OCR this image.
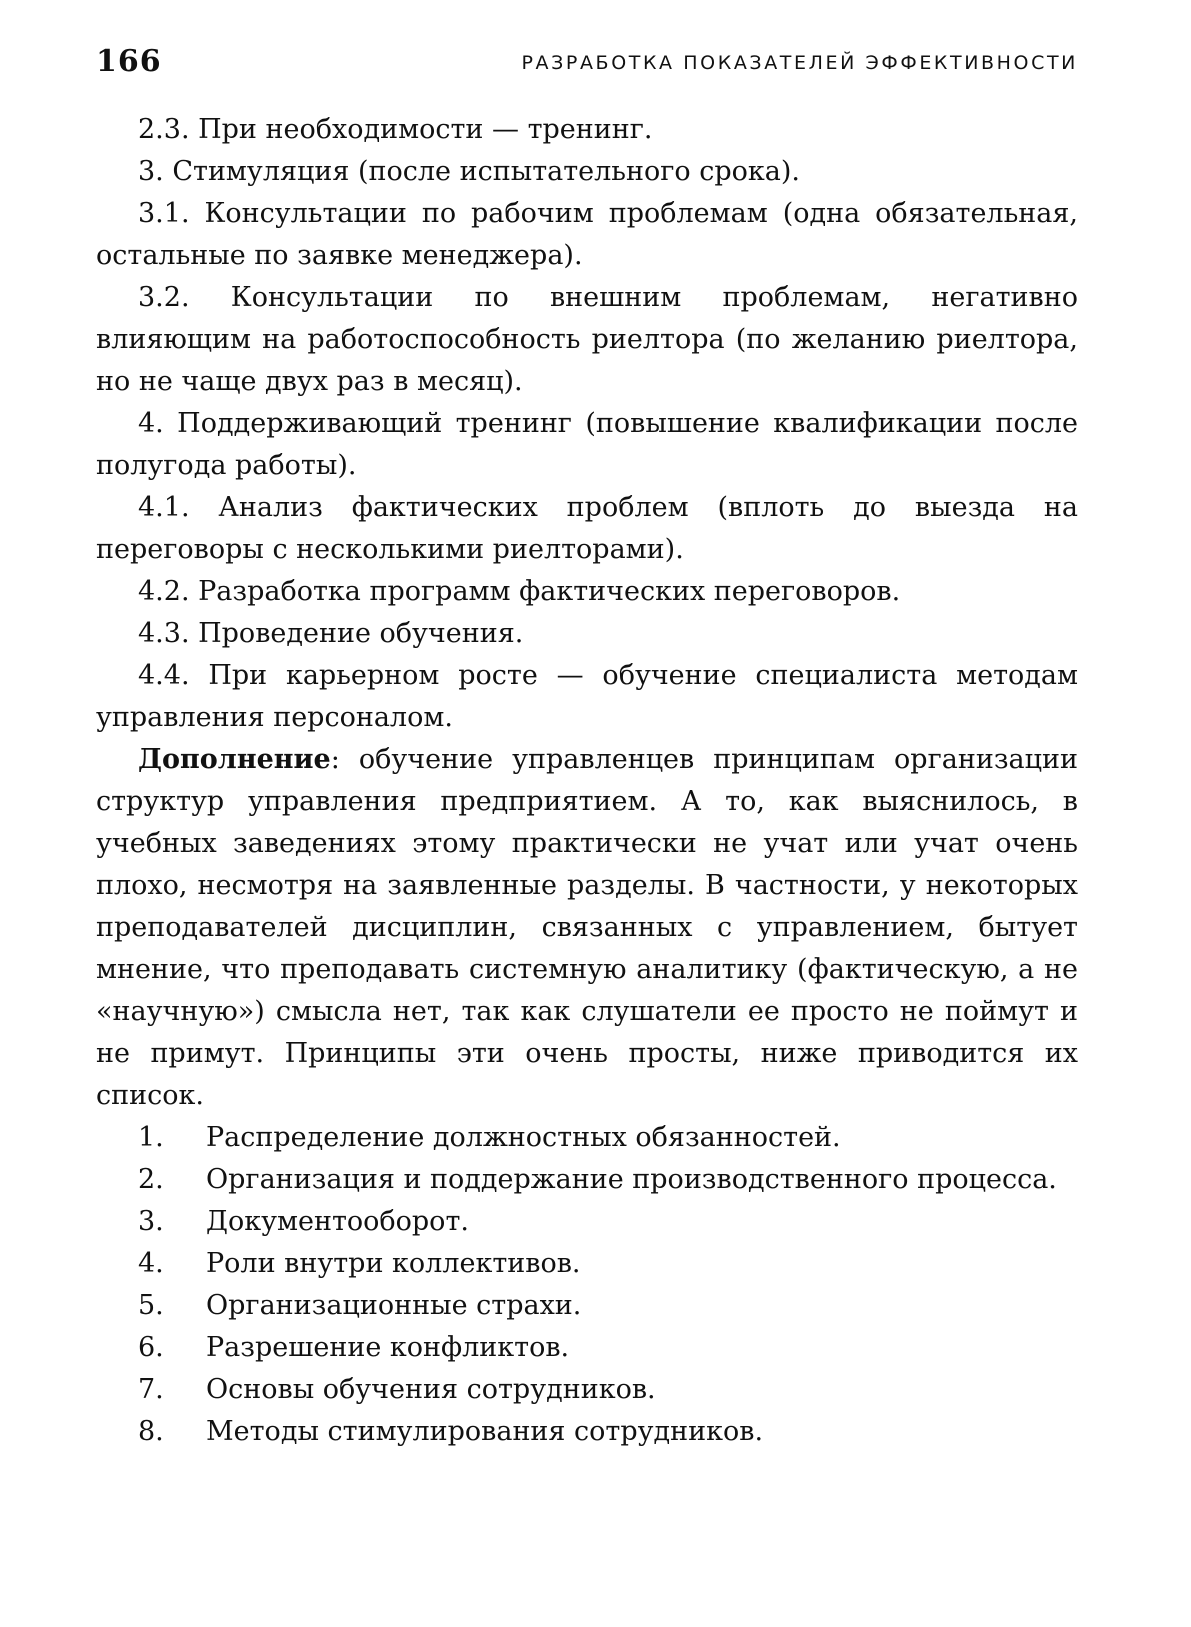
166	РАЗРАБОТКА ПОКАЗАТЕЛЕЙ ЭФФЕКТИВНОСТИ

2.3. При необходимости — тренинг.

3. Стимуляция (после испытательного срока).

3.1. Консультации по рабочим проблемам (одна обязательная, остальные по заявке менеджера).

3.2. Консультации по внешним проблемам, негативно влияющим на работоспособность риелтора (по желанию риелтора, но не чаще двух раз в месяц).

4. Поддерживающий тренинг (повышение квалификации после полугода работы).

4.1. Анализ фактических проблем (вплоть до выезда на переговоры с несколькими риелторами).

4.2. Разработка программ фактических переговоров.

4.3. Проведение обучения.

4.4. При карьерном росте — обучение специалиста методам управления персоналом.

Дополнение: обучение управленцев принципам организации структур управления предприятием. А то, как выяснилось, в учебных заведениях этому практически не учат или учат очень плохо, несмотря на заявленные разделы. В частности, у некоторых преподавателей дисциплин, связанных с управлением, бытует мнение, что преподавать системную аналитику (фактическую, а не «научную») смысла нет, так как слушатели ее просто не поймут и не примут. Принципы эти очень просты, ниже приводится их список.

1.	Распределение должностных обязанностей.
2.	Организация и поддержание производственного процесса.
3.	Документооборот.
4.	Роли внутри коллективов.
5.	Организационные страхи.
6.	Разрешение конфликтов.
7.	Основы обучения сотрудников.
8.	Методы стимулирования сотрудников.
